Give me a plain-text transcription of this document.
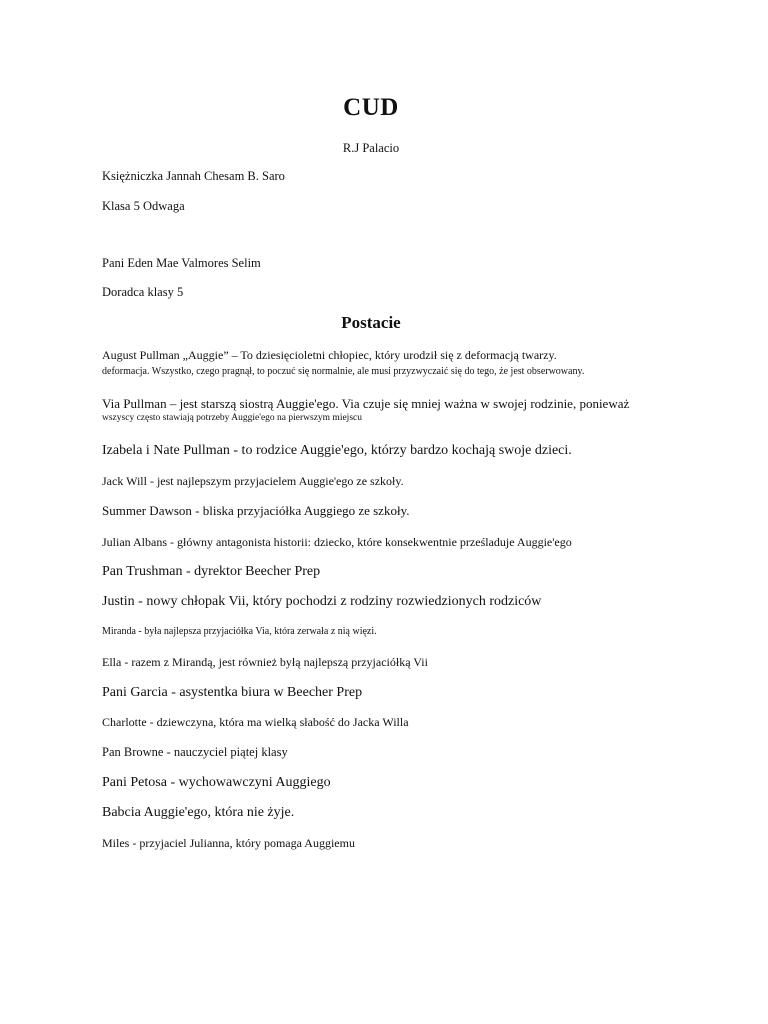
CUD
R.J Palacio
Księżniczka Jannah Chesam B. Saro
Klasa 5 Odwaga
Pani Eden Mae Valmores Selim
Doradca klasy 5
Postacie
August Pullman „Auggie” – To dziesięcioletni chłopiec, który urodził się z deformacją twarzy.
deformacja. Wszystko, czego pragnął, to poczuć się normalnie, ale musi przyzwyczaić się do tego, że jest obserwowany.
Via Pullman – jest starszą siostrą Auggie'ego. Via czuje się mniej ważna w swojej rodzinie, ponieważ
wszyscy często stawiają potrzeby Auggie'ego na pierwszym miejscu
Izabela i Nate Pullman - to rodzice Auggie'ego, którzy bardzo kochają swoje dzieci.
Jack Will - jest najlepszym przyjacielem Auggie'ego ze szkoły.
Summer Dawson - bliska przyjaciółka Auggiego ze szkoły.
Julian Albans - główny antagonista historii: dziecko, które konsekwentnie prześladuje Auggie'ego
Pan Trushman - dyrektor Beecher Prep
Justin - nowy chłopak Vii, który pochodzi z rodziny rozwiedzionych rodziców
Miranda - była najlepsza przyjaciółka Via, która zerwała z nią więzi.
Ella - razem z Mirandą, jest również byłą najlepszą przyjaciółką Vii
Pani Garcia - asystentka biura w Beecher Prep
Charlotte - dziewczyna, która ma wielką słabość do Jacka Willa
Pan Browne - nauczyciel piątej klasy
Pani Petosa - wychowawczyni Auggiego
Babcia Auggie'ego, która nie żyje.
Miles - przyjaciel Julianna, który pomaga Auggiemu
